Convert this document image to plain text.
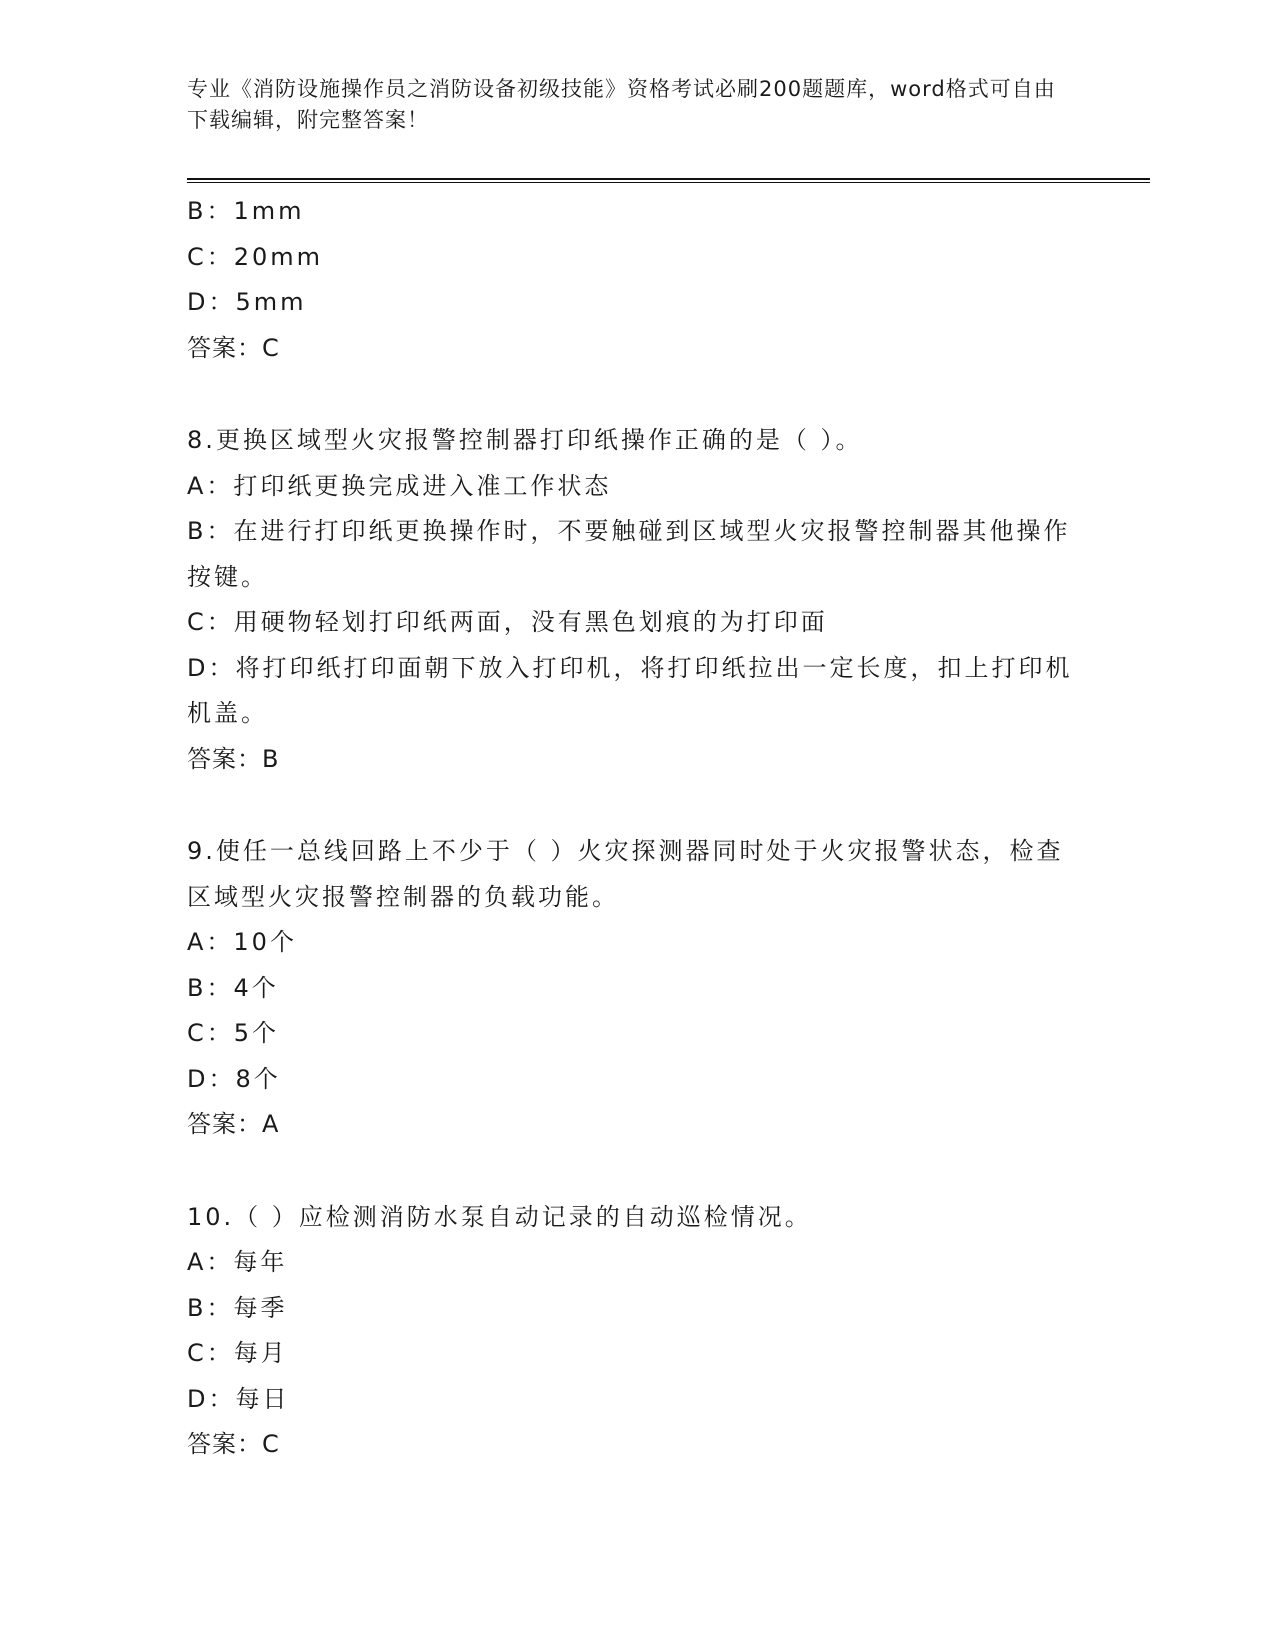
专业《消防设施操作员之消防设备初级技能》资格考试必刷200题题库，word格式可自由下载编辑，附完整答案！
B：1mm
C：20mm
D：5mm
答案：C
8.更换区域型火灾报警控制器打印纸操作正确的是（ ）。
A：打印纸更换完成进入准工作状态
B：在进行打印纸更换操作时，不要触碰到区域型火灾报警控制器其他操作按键。
C：用硬物轻划打印纸两面，没有黑色划痕的为打印面
D：将打印纸打印面朝下放入打印机，将打印纸拉出一定长度，扣上打印机机盖。
答案：B
9.使任一总线回路上不少于（ ）火灾探测器同时处于火灾报警状态，检查区域型火灾报警控制器的负载功能。
A：10个
B：4个
C：5个
D：8个
答案：A
10.（ ）应检测消防水泵自动记录的自动巡检情况。
A：每年
B：每季
C：每月
D：每日
答案：C
